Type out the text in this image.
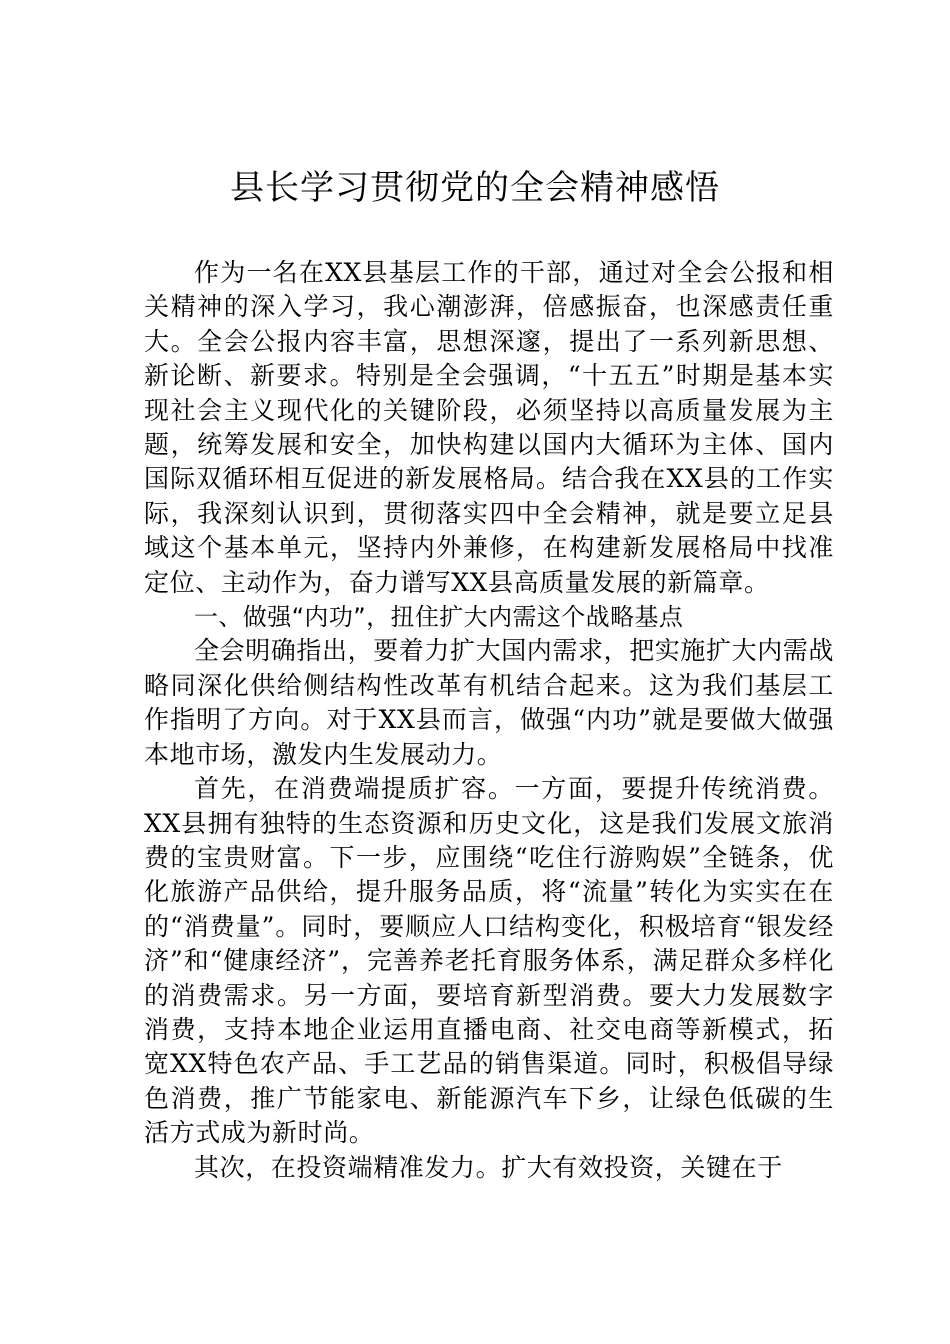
县长学习贯彻党的全会精神感悟

作为一名在XX县基层工作的干部，通过对全会公报和相关精神的深入学习，我心潮澎湃，倍感振奋，也深感责任重大。全会公报内容丰富，思想深邃，提出了一系列新思想、新论断、新要求。特别是全会强调，“十五五”时期是基本实现社会主义现代化的关键阶段，必须坚持以高质量发展为主题，统筹发展和安全，加快构建以国内大循环为主体、国内国际双循环相互促进的新发展格局。结合我在XX县的工作实际，我深刻认识到，贯彻落实四中全会精神，就是要立足县域这个基本单元，坚持内外兼修，在构建新发展格局中找准定位、主动作为，奋力谱写XX县高质量发展的新篇章。

一、做强“内功”，扭住扩大内需这个战略基点

全会明确指出，要着力扩大国内需求，把实施扩大内需战略同深化供给侧结构性改革有机结合起来。这为我们基层工作指明了方向。对于XX县而言，做强“内功”就是要做大做强本地市场，激发内生发展动力。

首先，在消费端提质扩容。一方面，要提升传统消费。XX县拥有独特的生态资源和历史文化，这是我们发展文旅消费的宝贵财富。下一步，应围绕“吃住行游购娱”全链条，优化旅游产品供给，提升服务品质，将“流量”转化为实实在在的“消费量”。同时，要顺应人口结构变化，积极培育“银发经济”和“健康经济”，完善养老托育服务体系，满足群众多样化的消费需求。另一方面，要培育新型消费。要大力发展数字消费，支持本地企业运用直播电商、社交电商等新模式，拓宽XX特色农产品、手工艺品的销售渠道。同时，积极倡导绿色消费，推广节能家电、新能源汽车下乡，让绿色低碳的生活方式成为新时尚。

其次，在投资端精准发力。扩大有效投资，关键在于
